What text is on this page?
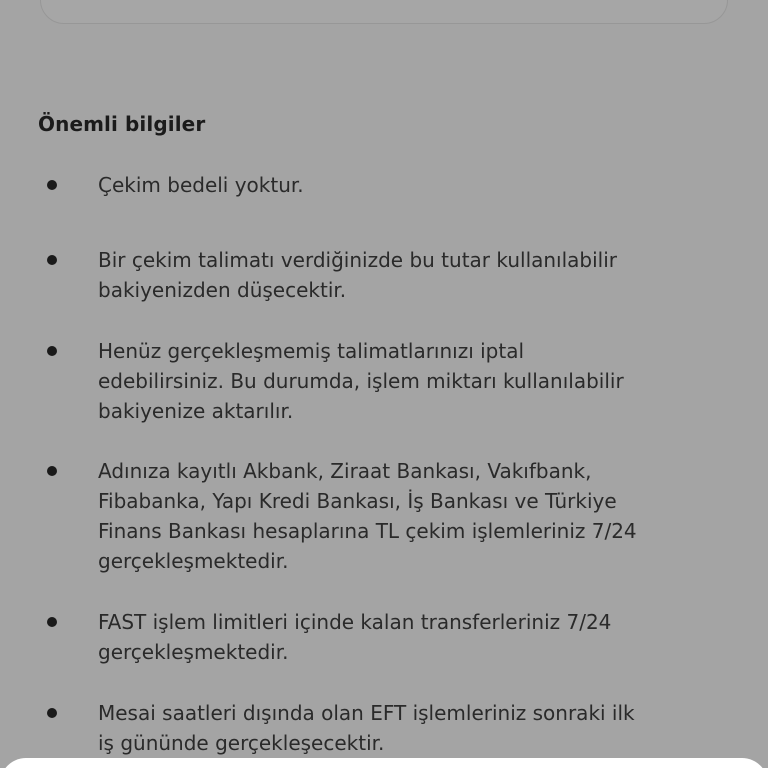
Önemli bilgiler
Çekim bedeli yoktur.
Bir çekim talimatı verdiğinizde bu tutar kullanılabilir
bakiyenizden düşecektir.
Henüz gerçekleşmemiş talimatlarınızı iptal
edebilirsiniz. Bu durumda, işlem miktarı kullanılabilir
bakiyenize aktarılır.
Adınıza kayıtlı Akbank, Ziraat Bankası, Vakıfbank,
Fibabanka, Yapı Kredi Bankası, İş Bankası ve Türkiye
Finans Bankası hesaplarına TL çekim işlemleriniz 7/24
gerçekleşmektedir.
FAST işlem limitleri içinde kalan transferleriniz 7/24
gerçekleşmektedir.
Mesai saatleri dışında olan EFT işlemleriniz sonraki ilk
iş gününde gerçekleşecektir.
